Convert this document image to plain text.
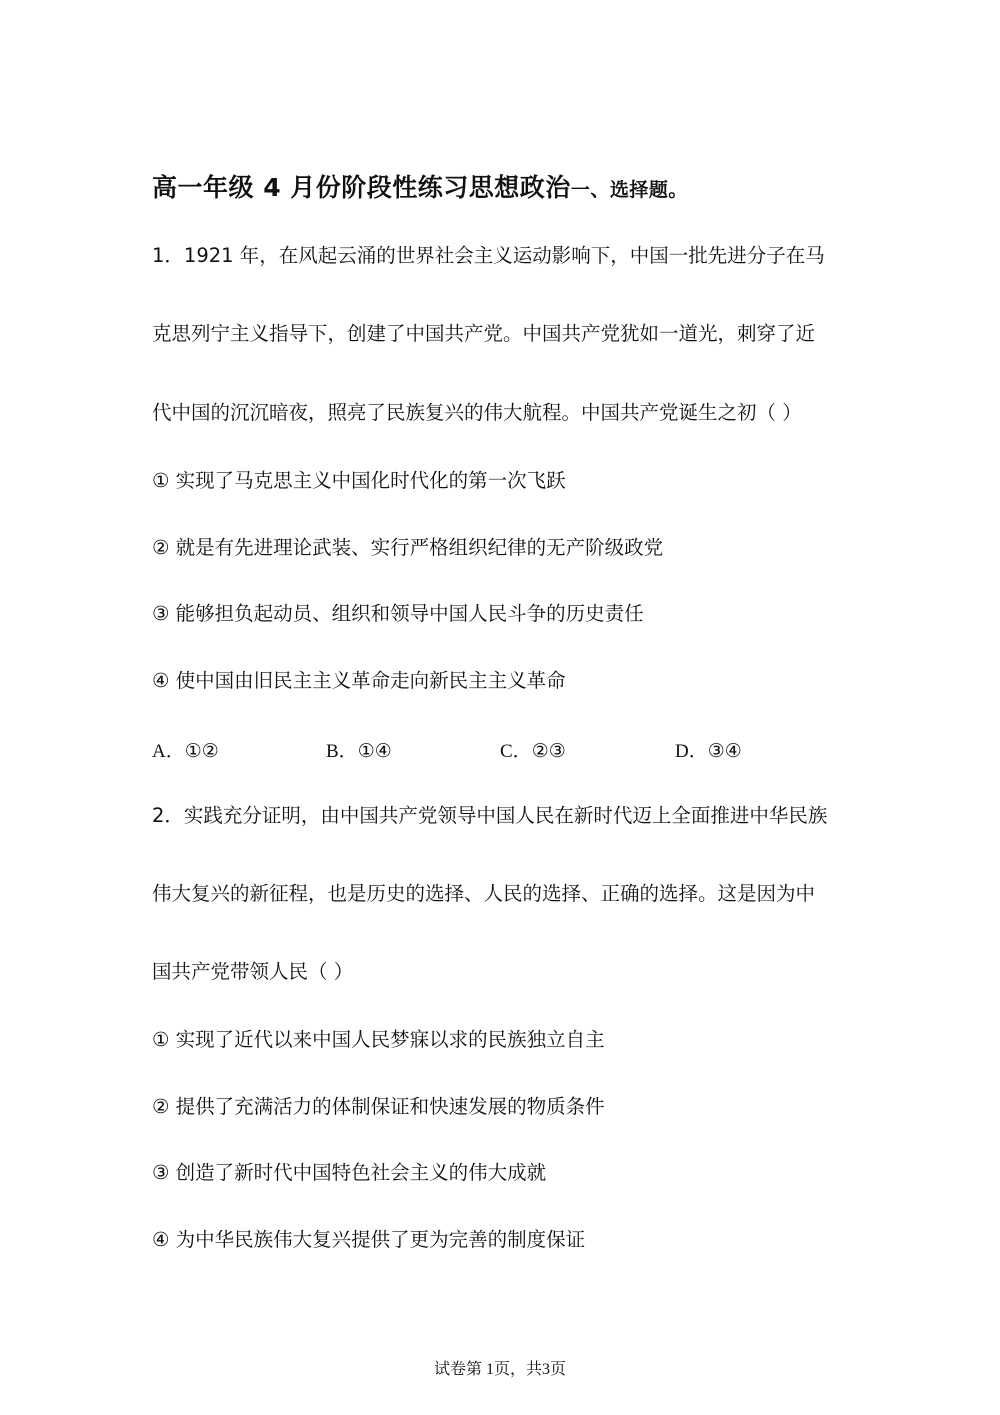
高一年级 4 月份阶段性练习思想政治一、选择题。
1．1921 年，在风起云涌的世界社会主义运动影响下，中国一批先进分子在马
克思列宁主义指导下，创建了中国共产党。中国共产党犹如一道光，刺穿了近
代中国的沉沉暗夜，照亮了民族复兴的伟大航程。中国共产党诞生之初（ ）
① 实现了马克思主义中国化时代化的第一次飞跃
② 就是有先进理论武装、实行严格组织纪律的无产阶级政党
③ 能够担负起动员、组织和领导中国人民斗争的历史责任
④ 使中国由旧民主主义革命走向新民主主义革命
A．①②	B．①④	C．②③	D．③④
2．实践充分证明，由中国共产党领导中国人民在新时代迈上全面推进中华民族
伟大复兴的新征程，也是历史的选择、人民的选择、正确的选择。这是因为中
国共产党带领人民（ ）
① 实现了近代以来中国人民梦寐以求的民族独立自主
② 提供了充满活力的体制保证和快速发展的物质条件
③ 创造了新时代中国特色社会主义的伟大成就
④ 为中华民族伟大复兴提供了更为完善的制度保证
试卷第 1页，共3页
